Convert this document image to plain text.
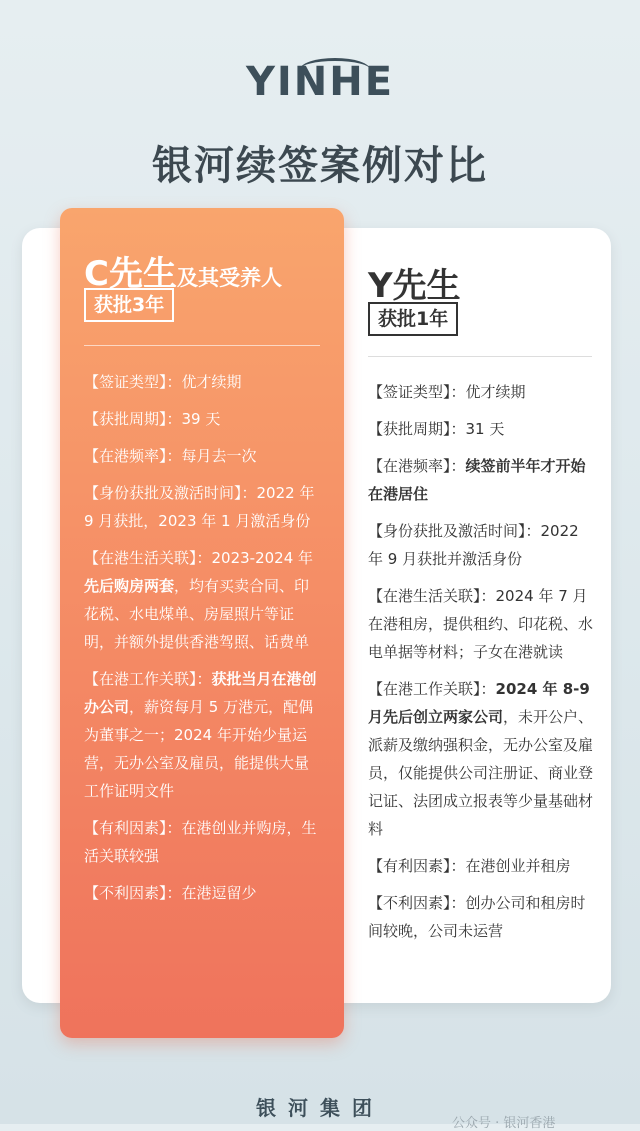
YINHE
银河续签案例对比
Y先生
获批1年
【签证类型】：优才续期
【获批周期】：31 天
【在港频率】：续签前半年才开始在港居住
【身份获批及激活时间】：2022 年 9 月获批并激活身份
【在港生活关联】：2024 年 7 月在港租房，提供租约、印花税、水电单据等材料；子女在港就读
【在港工作关联】：2024 年 8-9 月先后创立两家公司，未开公户、派薪及缴纳强积金，无办公室及雇员，仅能提供公司注册证、商业登记证、法团成立报表等少量基础材料
【有利因素】：在港创业并租房
【不利因素】：创办公司和租房时间较晚，公司未运营
C先生及其受养人
获批3年
【签证类型】：优才续期
【获批周期】：39 天
【在港频率】：每月去一次
【身份获批及激活时间】：2022 年 9 月获批，2023 年 1 月激活身份
【在港生活关联】：2023-2024 年先后购房两套，均有买卖合同、印花税、水电煤单、房屋照片等证明，并额外提供香港驾照、话费单
【在港工作关联】：获批当月在港创办公司，薪资每月 5 万港元，配偶为董事之一；2024 年开始少量运营，无办公室及雇员，能提供大量工作证明文件
【有利因素】：在港创业并购房，生活关联较强
【不利因素】：在港逗留少
银河集团
公众号 · 银河香港
